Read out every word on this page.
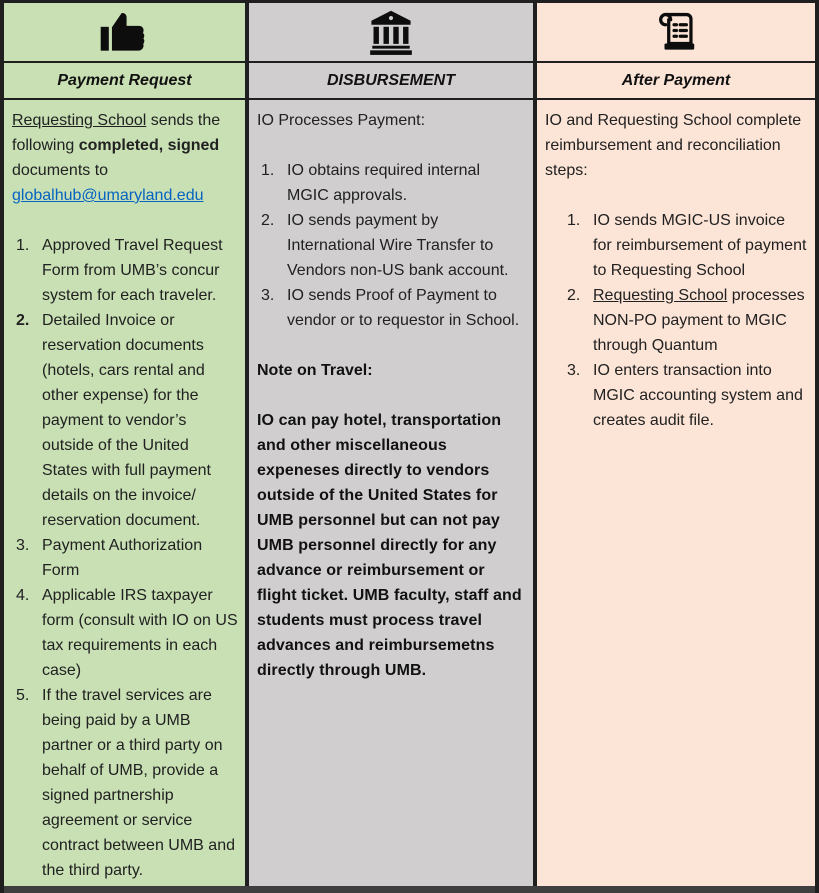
Payment Request
Requesting School sends the following completed, signed documents to globalhub@umaryland.edu
1. Approved Travel Request Form from UMB’s concur system for each traveler.
2. Detailed Invoice or reservation documents (hotels, cars rental and other expense) for the payment to vendor’s outside of the United States with full payment details on the invoice/ reservation document.
3. Payment Authorization Form
4. Applicable IRS taxpayer form (consult with IO on US tax requirements in each case)
5. If the travel services are being paid by a UMB partner or a third party on behalf of UMB, provide a signed partnership agreement or service contract between UMB and the third party.
DISBURSEMENT
IO Processes Payment:
1. IO obtains required internal MGIC approvals.
2. IO sends payment by International Wire Transfer to Vendors non-US bank account.
3. IO sends Proof of Payment to vendor or to requestor in School.
Note on Travel:
IO can pay hotel, transportation and other miscellaneous expeneses directly to vendors outside of the United States for UMB personnel but can not pay UMB personnel directly for any advance or reimbursement or flight ticket. UMB faculty, staff and students must process travel advances and reimbursemetns directly through UMB.
After Payment
IO and Requesting School complete reimbursement and reconciliation steps:
1. IO sends MGIC-US invoice for reimbursement of payment to Requesting School
2. Requesting School processes NON-PO payment to MGIC through Quantum
3. IO enters transaction into MGIC accounting system and creates audit file.
